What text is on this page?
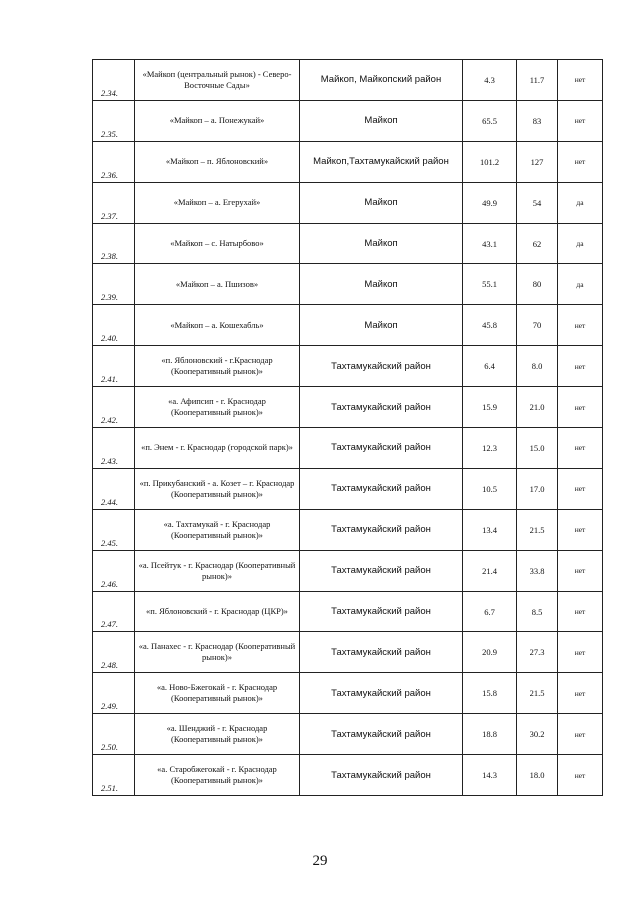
2.34.	«Майкоп (центральный рынок) - Северо-Восточные Сады»	Майкоп, Майкопский район	4.3	11.7	нет
2.35.	«Майкоп – а. Понежукай»	Майкоп	65.5	83	нет
2.36.	«Майкоп – п. Яблоновский»	Майкоп,Тахтамукайский район	101.2	127	нет
2.37.	«Майкоп – а. Егерухай»	Майкоп	49.9	54	да
2.38.	«Майкоп – с. Натырбово»	Майкоп	43.1	62	да
2.39.	«Майкоп – а. Пшизов»	Майкоп	55.1	80	да
2.40.	«Майкоп – а. Кошехабль»	Майкоп	45.8	70	нет
2.41.	«п. Яблоновский - г.Краснодар (Кооперативный рынок)»	Тахтамукайский район	6.4	8.0	нет
2.42.	«а. Афипсип - г. Краснодар (Кооперативный рынок)»	Тахтамукайский район	15.9	21.0	нет
2.43.	«п. Энем - г. Краснодар (городской парк)»	Тахтамукайский район	12.3	15.0	нет
2.44.	«п. Прикубанский - а. Козет – г. Краснодар (Кооперативный рынок)»	Тахтамукайский район	10.5	17.0	нет
2.45.	«а. Тахтамукай - г. Краснодар (Кооперативный рынок)»	Тахтамукайский район	13.4	21.5	нет
2.46.	«а. Псейтук - г. Краснодар (Кооперативный рынок)»	Тахтамукайский район	21.4	33.8	нет
2.47.	«п. Яблоновский - г. Краснодар (ЦКР)»	Тахтамукайский район	6.7	8.5	нет
2.48.	«а. Панахес - г. Краснодар (Кооперативный рынок)»	Тахтамукайский район	20.9	27.3	нет
2.49.	«а. Ново-Бжегокай - г. Краснодар (Кооперативный рынок)»	Тахтамукайский район	15.8	21.5	нет
2.50.	«а. Шенджий - г. Краснодар (Кооперативный рынок)»	Тахтамукайский район	18.8	30.2	нет
2.51.	«а. Старобжегокай - г. Краснодар (Кооперативный рынок)»	Тахтамукайский район	14.3	18.0	нет
29
